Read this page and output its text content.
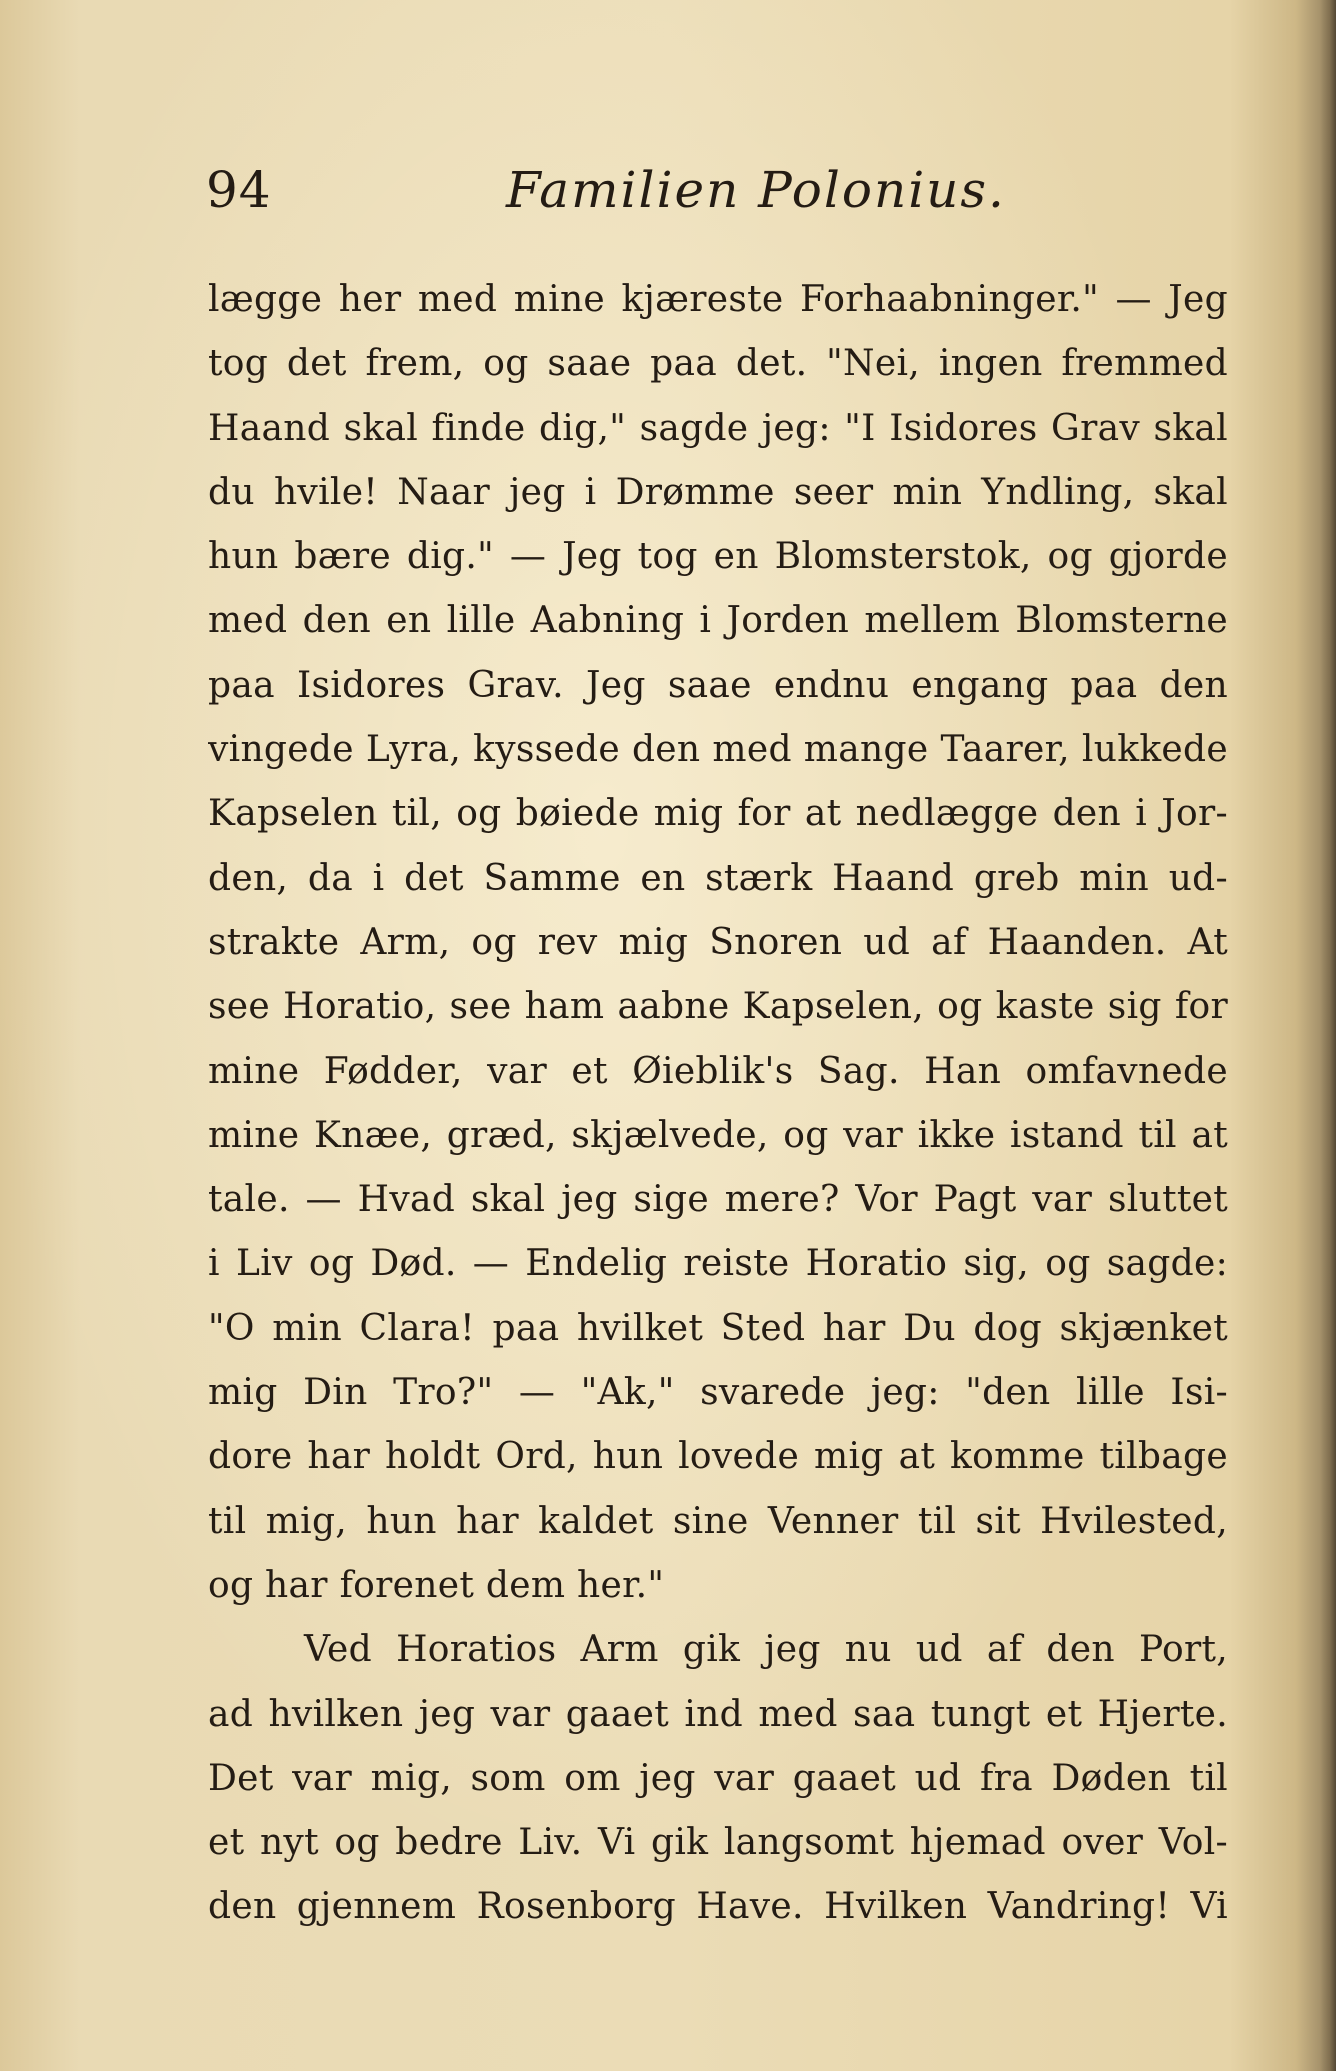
94	Familien Polonius.
lægge her med mine kjæreste Forhaabninger." — Jeg
tog det frem, og saae paa det. "Nei, ingen fremmed
Haand skal finde dig," sagde jeg: "I Isidores Grav skal
du hvile! Naar jeg i Drømme seer min Yndling, skal
hun bære dig." — Jeg tog en Blomsterstok, og gjorde
med den en lille Aabning i Jorden mellem Blomsterne
paa Isidores Grav. Jeg saae endnu engang paa den
vingede Lyra, kyssede den med mange Taarer, lukkede
Kapselen til, og bøiede mig for at nedlægge den i Jor-
den, da i det Samme en stærk Haand greb min ud-
strakte Arm, og rev mig Snoren ud af Haanden. At
see Horatio, see ham aabne Kapselen, og kaste sig for
mine Fødder, var et Øieblik's Sag. Han omfavnede
mine Knæe, græd, skjælvede, og var ikke istand til at
tale. — Hvad skal jeg sige mere? Vor Pagt var sluttet
i Liv og Død. — Endelig reiste Horatio sig, og sagde:
"O min Clara! paa hvilket Sted har Du dog skjænket
mig Din Tro?" — "Ak," svarede jeg: "den lille Isi-
dore har holdt Ord, hun lovede mig at komme tilbage
til mig, hun har kaldet sine Venner til sit Hvilested,
og har forenet dem her."
Ved Horatios Arm gik jeg nu ud af den Port,
ad hvilken jeg var gaaet ind med saa tungt et Hjerte.
Det var mig, som om jeg var gaaet ud fra Døden til
et nyt og bedre Liv. Vi gik langsomt hjemad over Vol-
den gjennem Rosenborg Have. Hvilken Vandring! Vi
